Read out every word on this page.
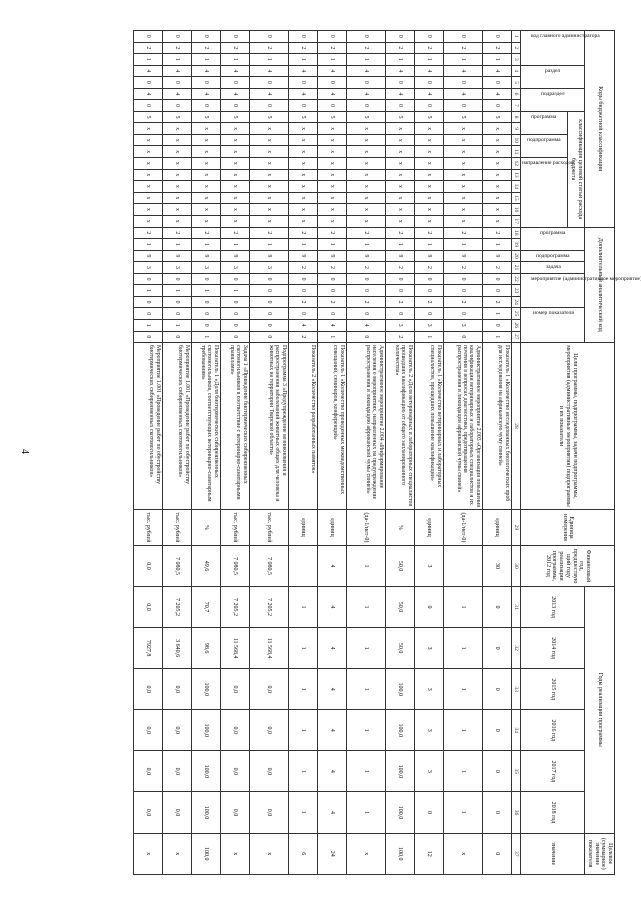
4
Коды бюджетной классификации																	Дополнительный аналитический код										Цели программы, подпрограммы, задачи подпрограммы, мероприятия (административные мероприятия) подпрограммы и их показатели	Единица измерения	Финансовый год, предшествующий году реализации программы, 2012 год	Годы реализации программы						Целевое (суммарное) значение показателя

код главного администратора			раздел		подраздел		классификация целевой статьи расхода бюджета										программа		подпрограмма	задача	мероприятие (административное мероприятие)			номер показателя						2013 год	2014 год	2015 год	2016 год	2017 год	2018 год	значение

							программа		подпрограмма		направление расходов																									

1	2	3	4	5	6	7	8	9	10	11	12	13	14	15	16	17	18	19	20	21	22	23	24	25	26	27	28	29	30	31	32	33	34	35	36	37
0	2	1	4	0	4	0	5	x	x	x	x	x	x	x	x	x	2	1	9	2	0	0	2	1	0	1	Показатель 1 «Количество исследованных биологических проб для исследования на африканскую чуму свиней»	единиц	30	0	0	0	0	0	0	0
0	2	1	4	0	4	0	5	x	x	x	x	x	x	x	x	x	2	1	9	2	0	0	2	0	3	0	Административное мероприятие 2.003 «Организация повышения квалификации ветеринарных и лабораторных специалистов и их почтения в вопросах диагностики, предотвращения распространения и ликвидации африканской чумы свиней»	(да-1/нет-0)		1	1	1	1	1	1	x
0	2	1	4	0	4	0	5	x	x	x	x	x	x	x	x	x	2	1	9	2	0	0	2	0	3	1	Показатель 1 «Количество ветеринарных и лабораторных специалистов, прошедших повышение квалификации»	единиц	3	0	3	3	3	3	0	12
0	2	1	4	0	4	0	5	x	x	x	x	x	x	x	x	x	2	1	9	2	0	0	2	0	3	2	Показатель 2 «Доля ветеринарных и лабораторных специалистов прошедших квалификацию от общего запланированного количества»	%	50,0	50,0	50,0	100,0	100,0	100,0	100,0	100,0
0	2	1	4	0	4	0	5	x	x	x	x	x	x	x	x	x	2	1	9	2	0	0	2	0	4	0	Административное мероприятие 2.004 «Информирование населения о мероприятиях, направленных на предупреждение распространения и ликвидацию африканской чумы свиней»	(да-1/нет-0)	1	1	1	1	1	1	1	x
0	2	1	4	0	4	0	5	x	x	x	x	x	x	x	x	x	2	1	9	2	0	0	2	0	4	1	Показатель 1 «Количество проведенных межведомственных совещаний, семинаров, конференций»	единиц	4	4	4	4	4	4	4	24
0	2	1	4	0	4	0	5	x	x	x	x	x	x	x	x	x	2	1	9	2	0	0	2	0	4	2	Показатель 2 «Количество разработанных памяток»	единиц		1	1	1	1	1	1	6
0	2	1	4	0	4	0	5	x	x	x	x	x	x	x	x	x	2	1	9	3	0	0	0	0	0	0	Подпрограмма 3 «Предупреждение возникновения и распространения заболеваний животных общих для человека и животных на территории Тверской области»	тыс. рублей	7 080,5	7 205,2	11 568,4	0,0	0,0	0,0	0,0	x
0	2	1	4	0	4	0	5	x	x	x	x	x	x	x	x	x	2	1	9	3	0	1	0	0	0	0	Задача 1 «Приведение биотермических сибиреязвенных скотомогильников в соответствие с ветеринарно-санитарными правилами»	тыс. рублей	7 080,5	7 205,2	11 568,4	0,0	0,0	0,0	0,0	x
0	2	1	4	0	4	0	5	x	x	x	x	x	x	x	x	x	2	1	9	3	0	1	0	0	0	1	Показатель 1 «Доля биотермических сибиреязвенных скотомогильников, соответствующих ветеринарно-санитарным требованиям»	%	49,6	70,7	98,6	100,0	100,0	100,0	100,0	100,0
0	2	1	4	0	4	0	5	x	x	x	x	x	x	x	x	x	2	1	9	3	0	1	0	0	1	0	Мероприятие 1.001 «Проведение работ по обустройству биотермических сибиреязвенных скотомогильников»	тыс. рублей	7 080,5	7 205,2	3 640,6	0,0	0,0	0,0	0,0	x
0	2	1	4	0	4	0	5	x	x	x	x	x	x	x	x	x	2	1	9	3	0	1	0	0	1	0	Мероприятие 1.001 «Проведение работ по обустройству биотермических сибиреязвенных скотомогильников»	тыс. рублей	0,0	0,0	7927,8	0,0	0,0	0,0	0,0	x
